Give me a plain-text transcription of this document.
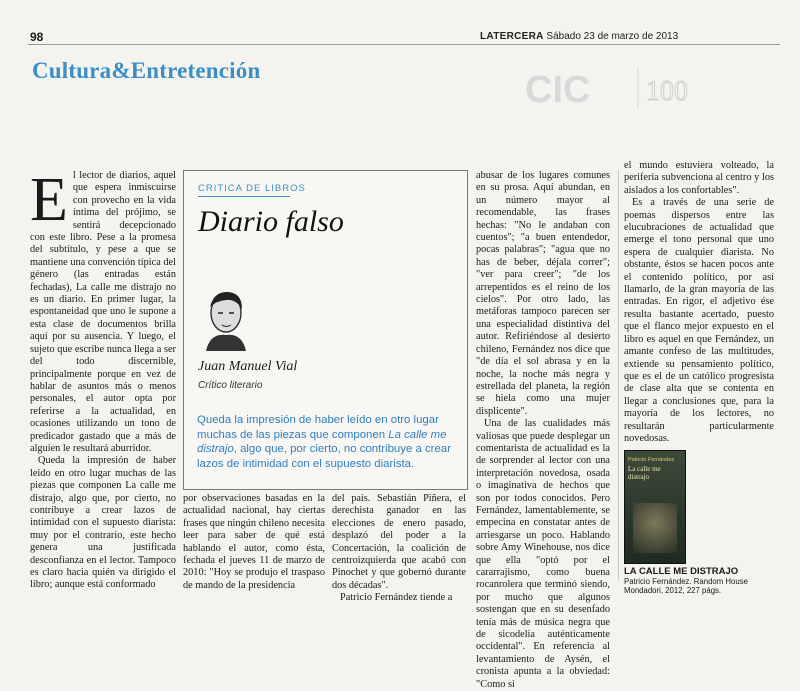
98	LATERCERA Sábado 23 de marzo de 2013
Cultura&Entretención	CIC 100
E l lector de diarios, aquel que espera inmiscuirse con provecho en la vida íntima del prójimo, se sentirá decepcionado con este libro. Pese a la promesa del subtítulo, y pese a que se mantiene una convención típica del género (las entradas están fechadas), La calle me distrajo no es un diario. En primer lugar, la espontaneidad que uno le supone a esta clase de documentos brilla aquí por su ausencia. Y luego, el sujeto que escribe nunca llega a ser del todo discernible, principalmente porque en vez de hablar de asuntos más o menos personales, el autor opta por referirse a la actualidad, en ocasiones utilizando un tono de predicador gastado que a más de alguien le resultará aburridor.

Queda la impresión de haber leído en otro lugar muchas de las piezas que componen La calle me distrajo, algo que, por cierto, no contribuye a crear lazos de intimidad con el supuesto diarista: muy por el contrario, este hecho genera una justificada desconfianza en el lector. Tampoco es claro hacia quién va dirigido el libro; aunque está conformado

CRITICA DE LIBROS
Diario falso
Juan Manuel Vial
Crítico literario
Queda la impresión de haber leído en otro lugar muchas de las piezas que componen La calle me distrajo, algo que, por cierto, no contribuye a crear lazos de intimidad con el supuesto diarista.

por observaciones basadas en la actualidad nacional, hay ciertas frases que ningún chileno necesita leer para saber de qué está hablando el autor, como ésta, fechada el jueves 11 de marzo de 2010: "Hoy se produjo el traspaso de mando de la presidencia

del país. Sebastián Piñera, el derechista ganador en las elecciones de enero pasado, desplazó del poder a la Concertación, la coalición de centroizquierda que acabó con Pinochet y que gobernó durante dos décadas".

Patricio Fernández tiende a

abusar de los lugares comunes en su prosa. Aquí abundan, en un número mayor al recomendable, las frases hechas: "No le andaban con cuentos"; "a buen entendedor, pocas palabras"; "agua que no has de beber, déjala correr"; "ver para creer"; "de los arrepentidos es el reino de los cielos". Por otro lado, las metáforas tampoco parecen ser una especialidad distintiva del autor. Refiriéndose al desierto chileno, Fernández nos dice que "de día el sol abrasa y en la noche, la noche más negra y estrellada del planeta, la región se hiela como una mujer displicente".

Una de las cualidades más valiosas que puede desplegar un comentarista de actualidad es la de sorprender al lector con una interpretación novedosa, osada o imaginativa de hechos que son por todos conocidos. Pero Fernández, lamentablemente, se empecina en constatar antes de arriesgarse un poco. Hablando sobre Amy Winehouse, nos dice que ella "optó por el cararrajismo, como buena rocanrolera que terminó siendo, por mucho que algunos sostengan que en su desenfado tenía más de música negra que de sicodelia auténticamente occidental". En referencia al levantamiento de Aysén, el cronista apunta a la obviedad: "Como si

el mundo estuviera volteado, la periferia subvenciona al centro y los aislados a los confortables".

Es a través de una serie de poemas dispersos entre las elucubraciones de actualidad que emerge el tono personal que uno espera de cualquier diarista. No obstante, éstos se hacen pocos ante el contenido político, por así llamarlo, de la gran mayoría de las entradas. En rigor, el adjetivo ése resulta bastante acertado, puesto que el flanco mejor expuesto en el libro es aquel en que Fernández, un amante confeso de las multitudes, extiende su pensamiento político, que es el de un católico progresista de clase alta que se contenta en llegar a conclusiones que, para la mayoría de los lectores, no resultarán particularmente novedosas.

Patricio Fernández
La calle me distrajo
LA CALLE ME DISTRAJO
Patricio Fernández. Random House Mondadori, 2012, 227 págs.
